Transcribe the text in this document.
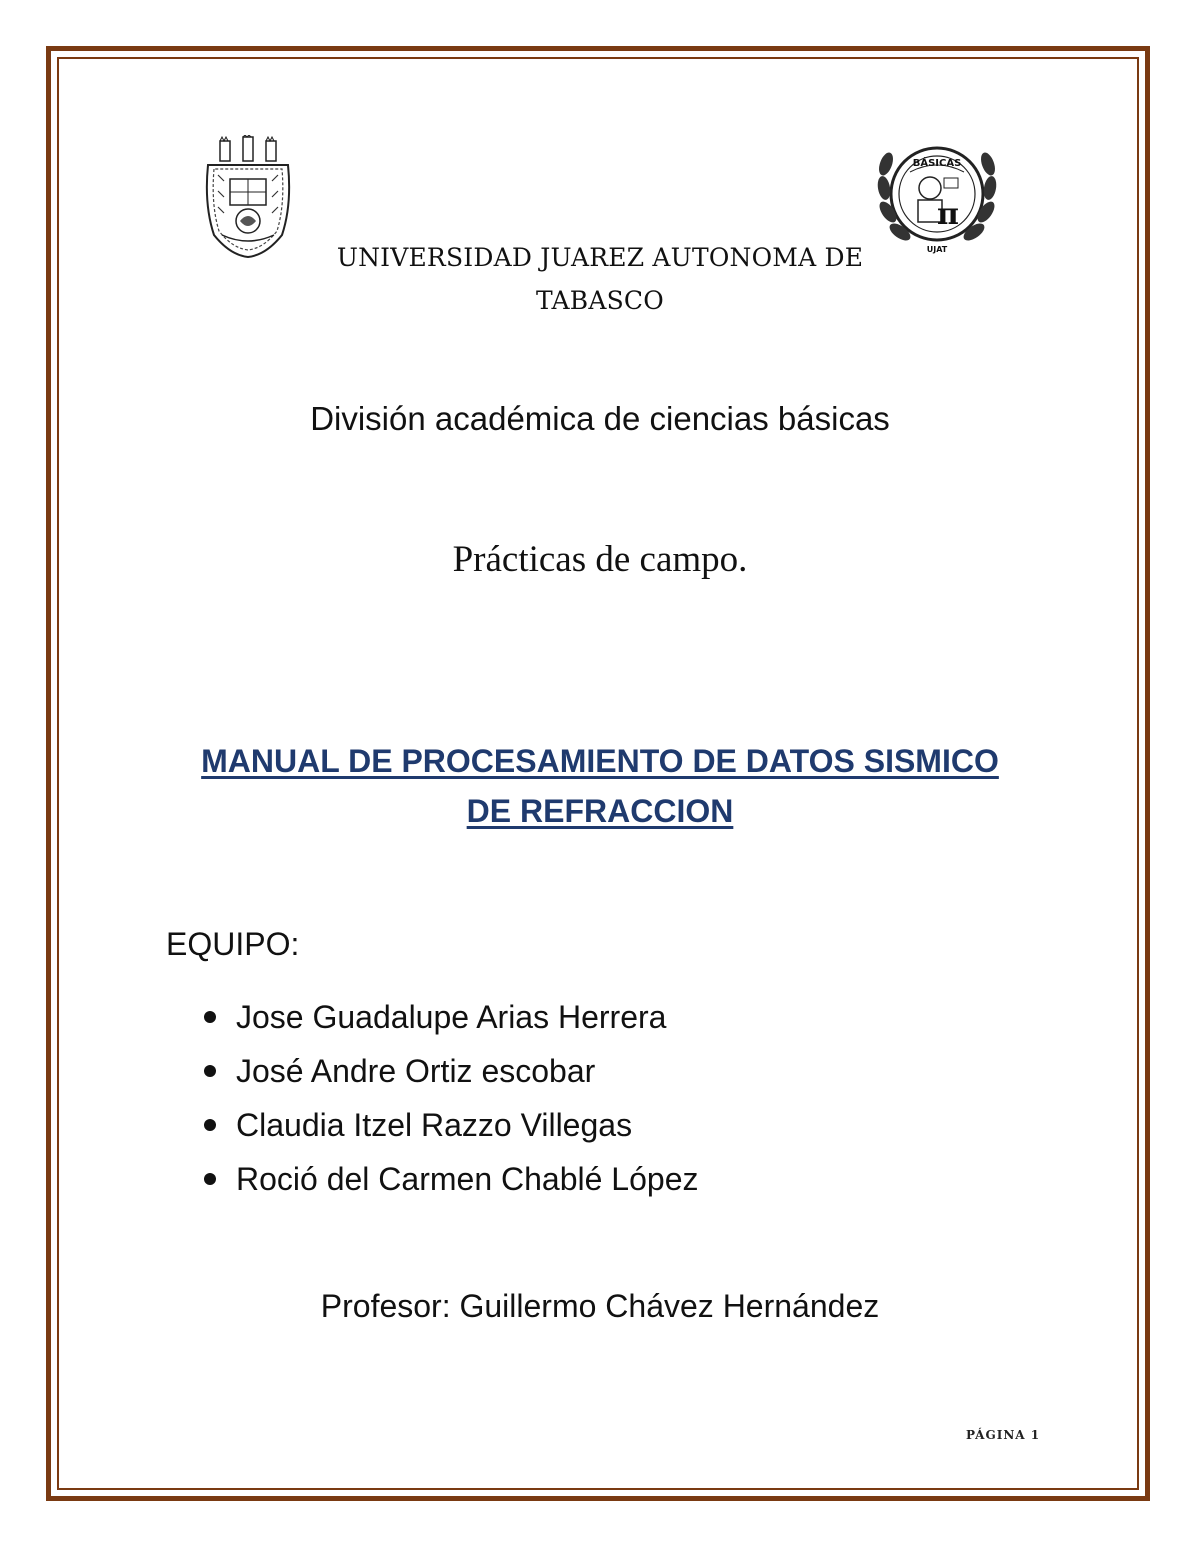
BÁSICAS
π
UJAT
UNIVERSIDAD JUAREZ AUTONOMA DE
TABASCO
División académica de ciencias básicas
Prácticas de campo.
MANUAL DE PROCESAMIENTO DE DATOS SISMICO
DE REFRACCION
EQUIPO:
Jose Guadalupe Arias Herrera
José Andre Ortiz escobar
Claudia Itzel Razzo Villegas
Roció del Carmen Chablé López
Profesor: Guillermo Chávez Hernández
PÁGINA 1
